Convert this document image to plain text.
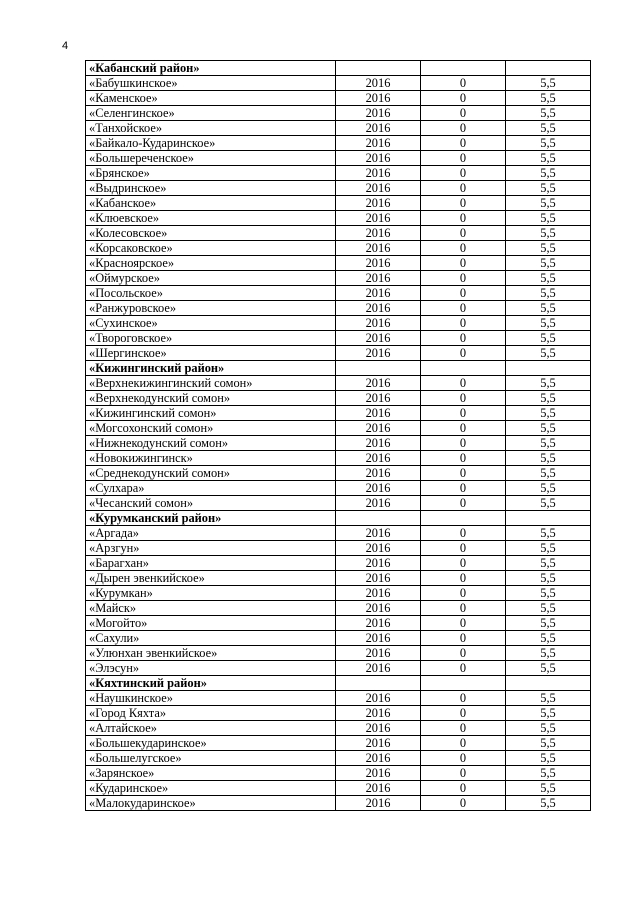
4
«Кабанский район»			
«Бабушкинское»	2016	0	5,5
«Каменское»	2016	0	5,5
«Селенгинское»	2016	0	5,5
«Танхойское»	2016	0	5,5
«Байкало-Кударинское»	2016	0	5,5
«Большереченское»	2016	0	5,5
«Брянское»	2016	0	5,5
«Выдринское»	2016	0	5,5
«Кабанское»	2016	0	5,5
«Клюевское»	2016	0	5,5
«Колесовское»	2016	0	5,5
«Корсаковское»	2016	0	5,5
«Красноярское»	2016	0	5,5
«Оймурское»	2016	0	5,5
«Посольское»	2016	0	5,5
«Ранжуровское»	2016	0	5,5
«Сухинское»	2016	0	5,5
«Твороговское»	2016	0	5,5
«Шергинское»	2016	0	5,5
«Кижингинский район»			
«Верхнекижингинский сомон»	2016	0	5,5
«Верхнекодунский сомон»	2016	0	5,5
«Кижингинский сомон»	2016	0	5,5
«Могсохонский сомон»	2016	0	5,5
«Нижнекодунский сомон»	2016	0	5,5
«Новокижингинск»	2016	0	5,5
«Среднекодунский сомон»	2016	0	5,5
«Сулхара»	2016	0	5,5
«Чесанский сомон»	2016	0	5,5
«Курумканский район»			
«Аргада»	2016	0	5,5
«Арзгун»	2016	0	5,5
«Барагхан»	2016	0	5,5
«Дырен эвенкийское»	2016	0	5,5
«Курумкан»	2016	0	5,5
«Майск»	2016	0	5,5
«Могойто»	2016	0	5,5
«Сахули»	2016	0	5,5
«Улюнхан эвенкийское»	2016	0	5,5
«Элэсун»	2016	0	5,5
«Кяхтинский район»			
«Наушкинское»	2016	0	5,5
«Город Кяхта»	2016	0	5,5
«Алтайское»	2016	0	5,5
«Большекударинское»	2016	0	5,5
«Большелугское»	2016	0	5,5
«Зарянское»	2016	0	5,5
«Кударинское»	2016	0	5,5
«Малокударинское»	2016	0	5,5
